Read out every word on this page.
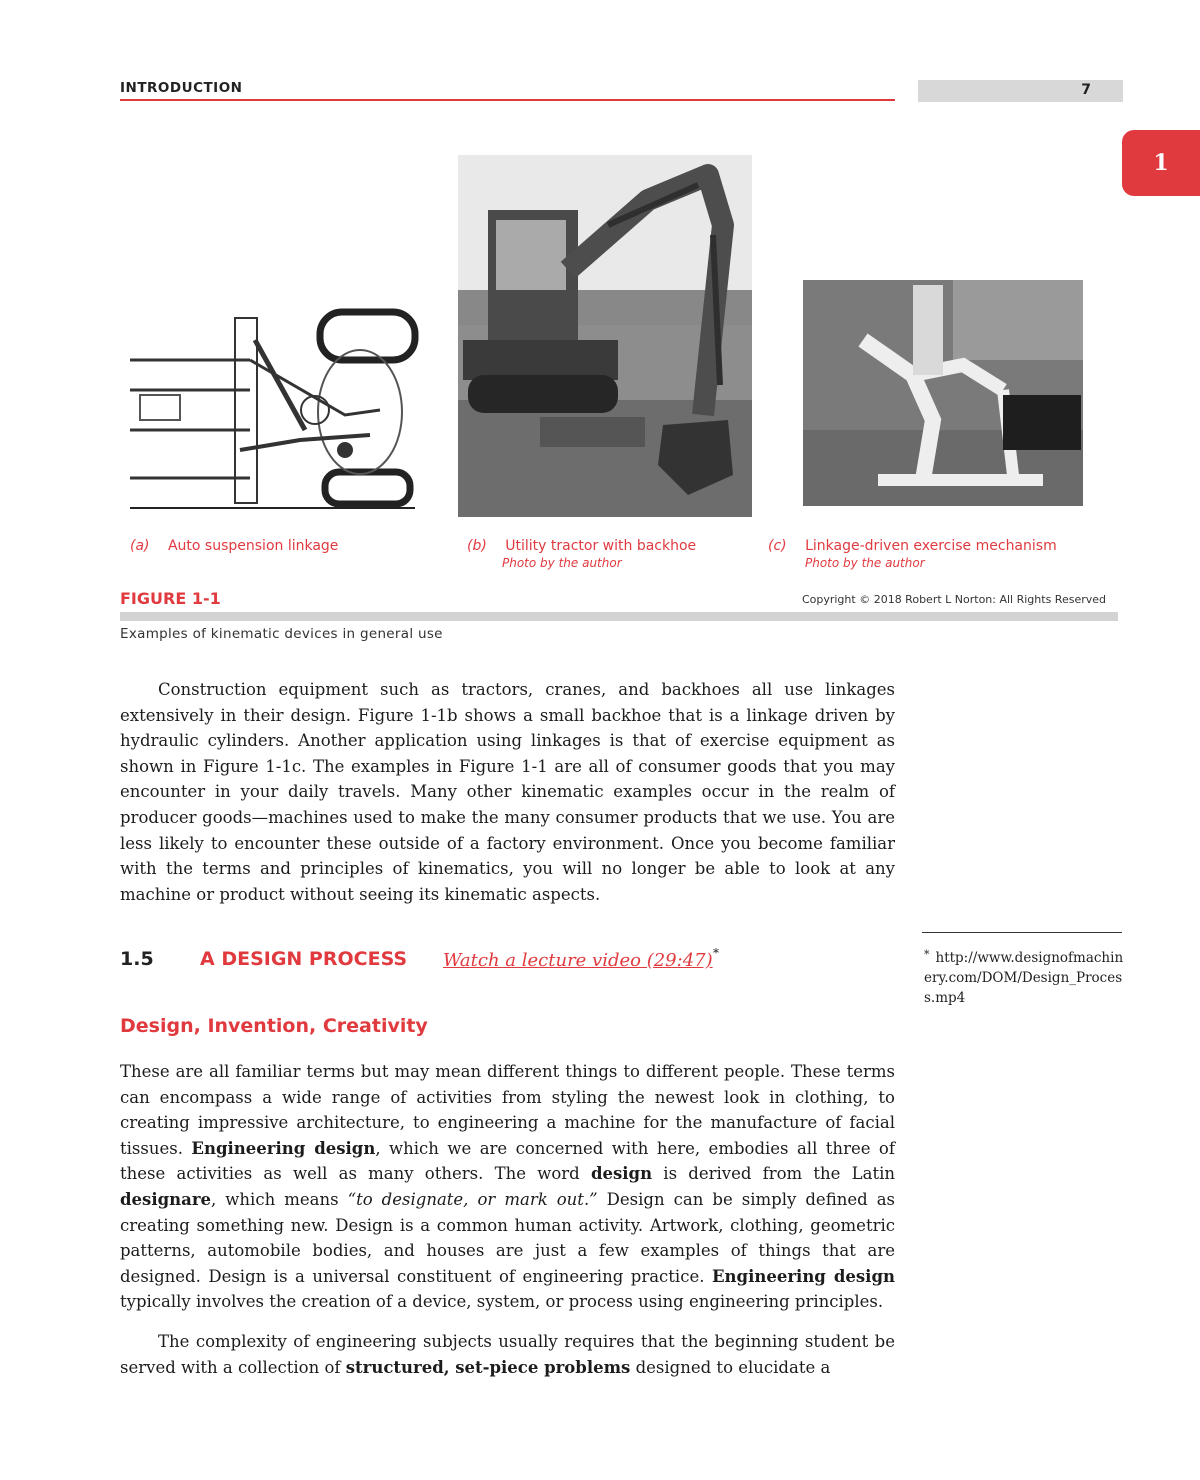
INTRODUCTION	7
1
(a) Auto suspension linkage	(b) Utility tractor with backhoe
Photo by the author
(c) Linkage-driven exercise mechanism
Photo by the author
FIGURE 1-1	Copyright © 2018 Robert L Norton: All Rights Reserved
Examples of kinematic devices in general use

Construction equipment such as tractors, cranes, and backhoes all use linkages extensively in their design. Figure 1-1b shows a small backhoe that is a linkage driven by hydraulic cylinders. Another application using linkages is that of exercise equipment as shown in Figure 1-1c. The examples in Figure 1-1 are all of consumer goods that you may encounter in your daily travels. Many other kinematic examples occur in the realm of producer goods—machines used to make the many consumer products that we use. You are less likely to encounter these outside of a factory environment. Once you become familiar with the terms and principles of kinematics, you will no longer be able to look at any machine or product without seeing its kinematic aspects.

1.5 A DESIGN PROCESS Watch a lecture video (29:47) *	* http://www.designofmachinery.com/DOM/Design_Process.mp4
Design, Invention, Creativity

These are all familiar terms but may mean different things to different people. These terms can encompass a wide range of activities from styling the newest look in clothing, to creating impressive architecture, to engineering a machine for the manufacture of facial tissues. Engineering design, which we are concerned with here, embodies all three of these activities as well as many others. The word design is derived from the Latin designare, which means “to designate, or mark out.” Design can be simply defined as creating something new. Design is a common human activity. Artwork, clothing, geometric patterns, automobile bodies, and houses are just a few examples of things that are designed. Design is a universal constituent of engineering practice. Engineering design typically involves the creation of a device, system, or process using engineering principles.

The complexity of engineering subjects usually requires that the beginning student be served with a collection of structured, set-piece problems designed to elucidate a
